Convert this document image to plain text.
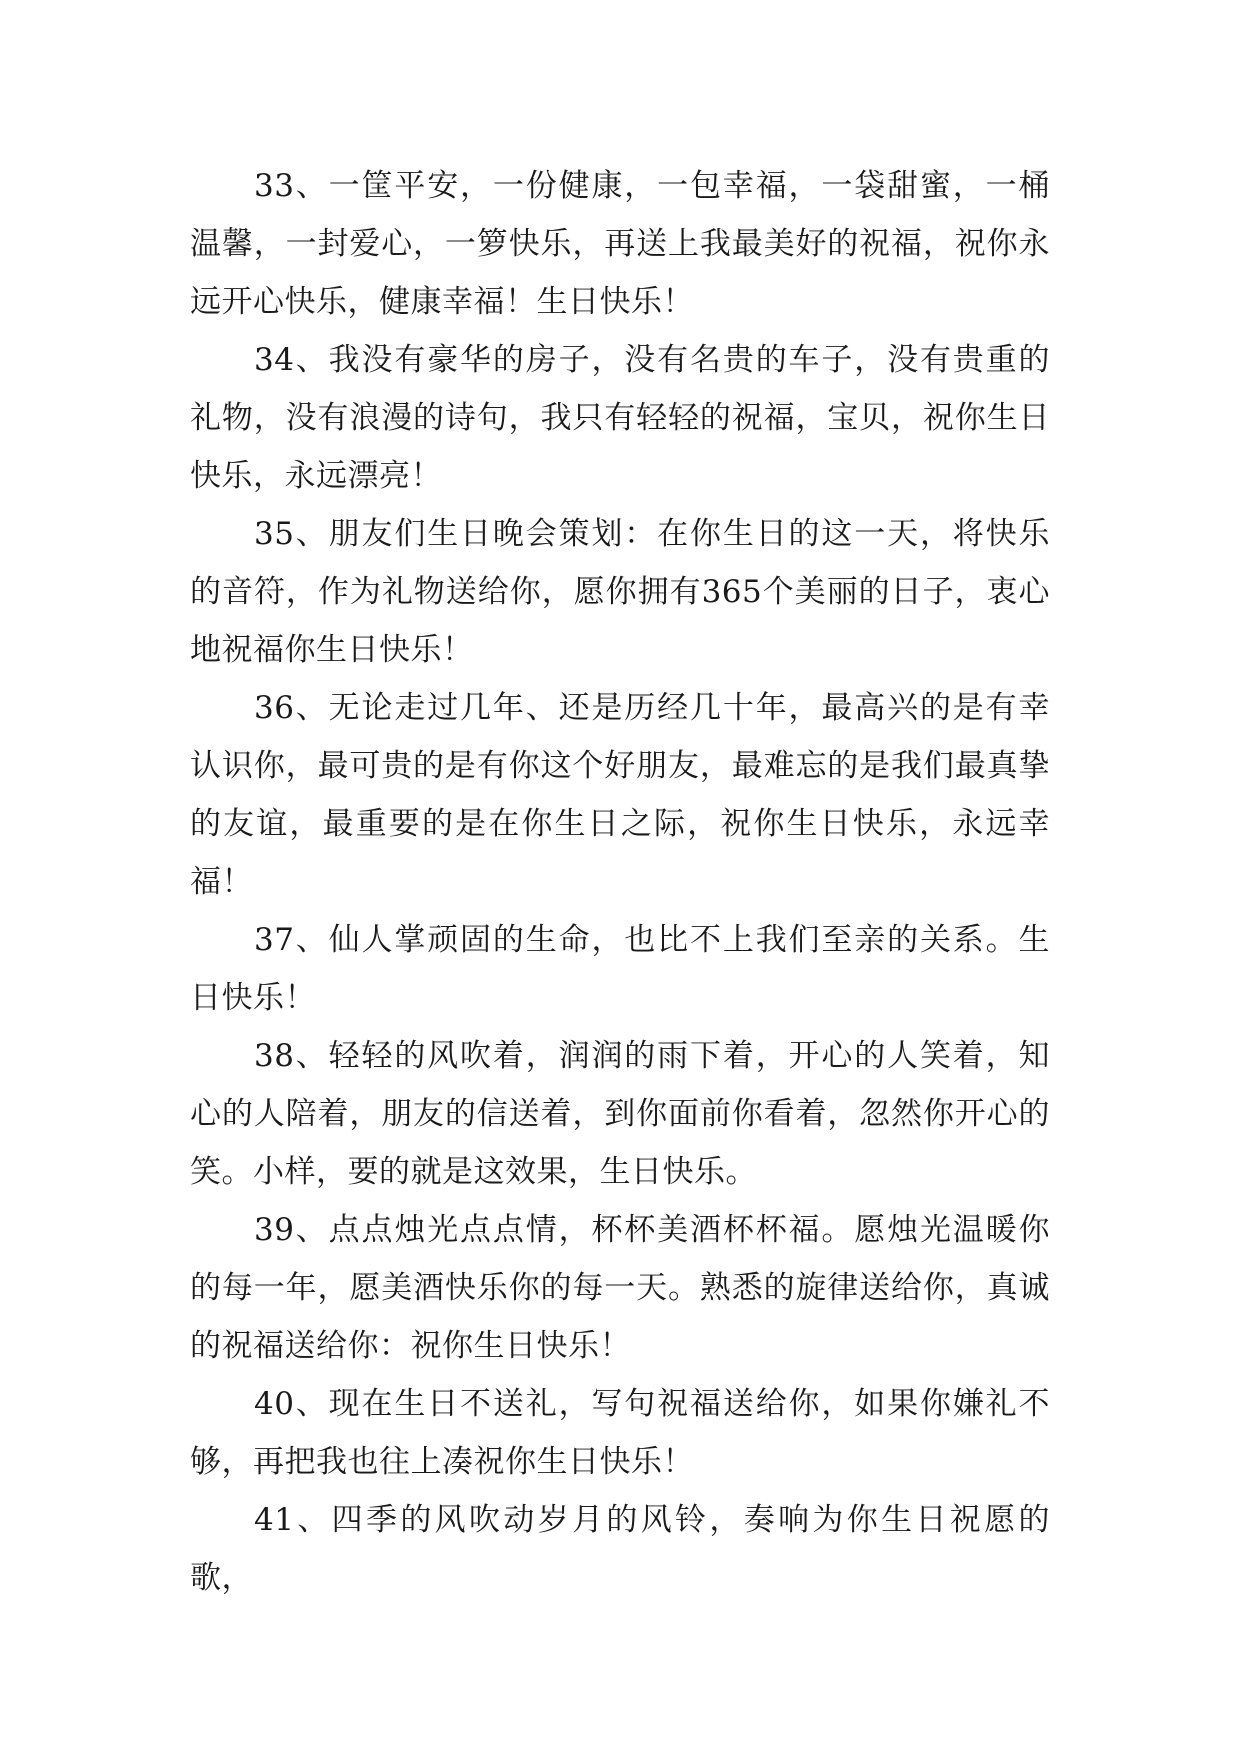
33、一筐平安，一份健康，一包幸福，一袋甜蜜，一桶温馨，一封爱心，一箩快乐，再送上我最美好的祝福，祝你永远开心快乐，健康幸福！生日快乐！

34、我没有豪华的房子，没有名贵的车子，没有贵重的礼物，没有浪漫的诗句，我只有轻轻的祝福，宝贝，祝你生日快乐，永远漂亮！

35、朋友们生日晚会策划：在你生日的这一天，将快乐的音符，作为礼物送给你，愿你拥有365个美丽的日子，衷心地祝福你生日快乐！

36、无论走过几年、还是历经几十年，最高兴的是有幸认识你，最可贵的是有你这个好朋友，最难忘的是我们最真挚的友谊，最重要的是在你生日之际，祝你生日快乐，永远幸福！

37、仙人掌顽固的生命，也比不上我们至亲的关系。生日快乐！

38、轻轻的风吹着，润润的雨下着，开心的人笑着，知心的人陪着，朋友的信送着，到你面前你看着，忽然你开心的笑。小样，要的就是这效果，生日快乐。

39、点点烛光点点情，杯杯美酒杯杯福。愿烛光温暖你的每一年，愿美酒快乐你的每一天。熟悉的旋律送给你，真诚的祝福送给你：祝你生日快乐！

40、现在生日不送礼，写句祝福送给你，如果你嫌礼不够，再把我也往上凑祝你生日快乐！

41、四季的风吹动岁月的风铃，奏响为你生日祝愿的歌，
